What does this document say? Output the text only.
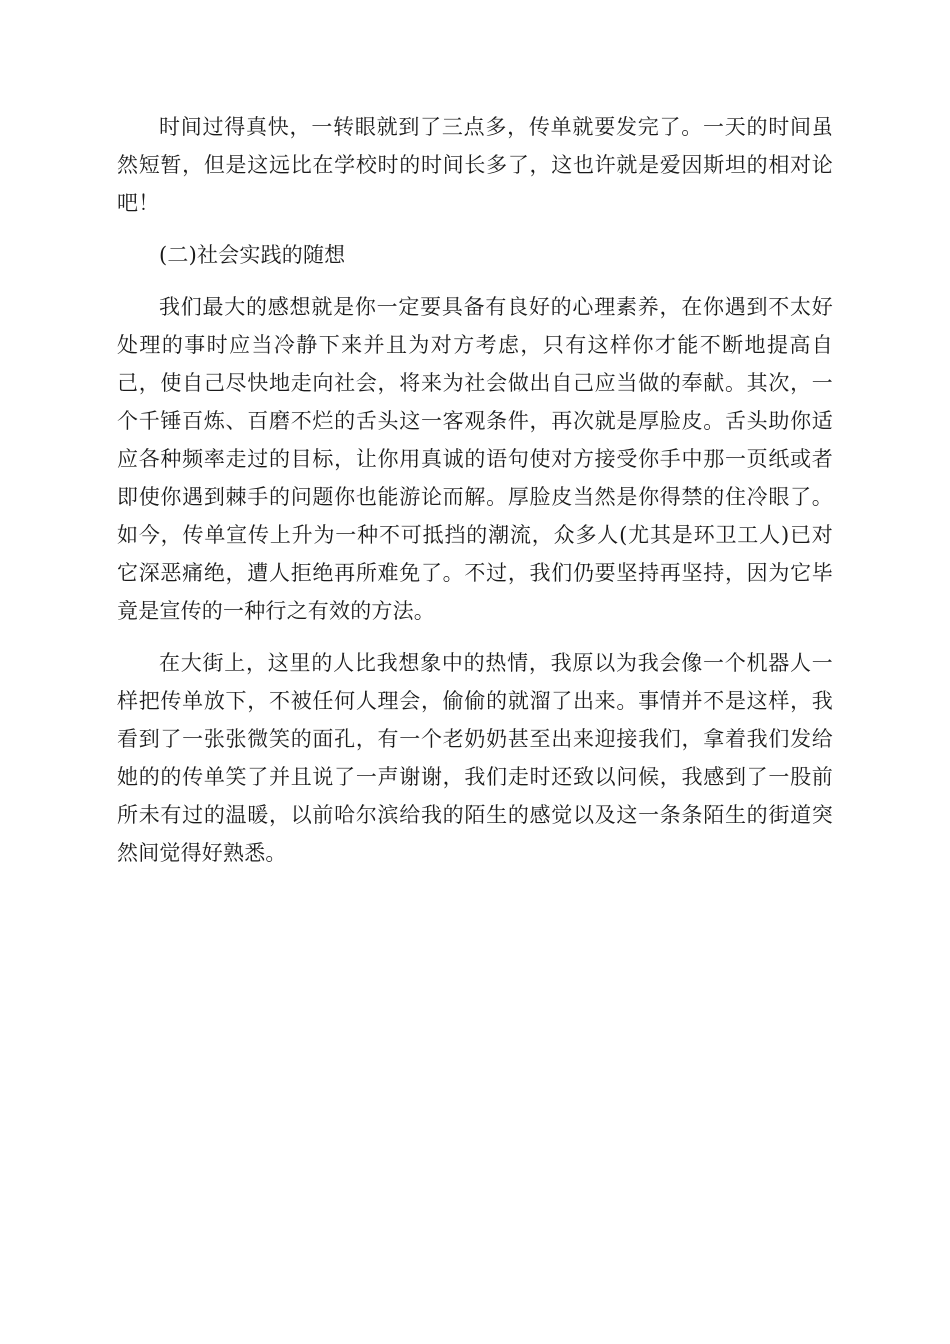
时间过得真快，一转眼就到了三点多，传单就要发完了。一天的时间虽然短暂，但是这远比在学校时的时间长多了，这也许就是爱因斯坦的相对论吧！

(二)社会实践的随想

我们最大的感想就是你一定要具备有良好的心理素养，在你遇到不太好处理的事时应当冷静下来并且为对方考虑，只有这样你才能不断地提高自己，使自己尽快地走向社会，将来为社会做出自己应当做的奉献。其次，一个千锤百炼、百磨不烂的舌头这一客观条件，再次就是厚脸皮。舌头助你适应各种频率走过的目标，让你用真诚的语句使对方接受你手中那一页纸或者即使你遇到棘手的问题你也能游论而解。厚脸皮当然是你得禁的住冷眼了。如今，传单宣传上升为一种不可抵挡的潮流，众多人(尤其是环卫工人)已对它深恶痛绝，遭人拒绝再所难免了。不过，我们仍要坚持再坚持，因为它毕竟是宣传的一种行之有效的方法。

在大街上，这里的人比我想象中的热情，我原以为我会像一个机器人一样把传单放下，不被任何人理会，偷偷的就溜了出来。事情并不是这样，我看到了一张张微笑的面孔，有一个老奶奶甚至出来迎接我们，拿着我们发给她的的传单笑了并且说了一声谢谢，我们走时还致以问候，我感到了一股前所未有过的温暖，以前哈尔滨给我的陌生的感觉以及这一条条陌生的街道突然间觉得好熟悉。
